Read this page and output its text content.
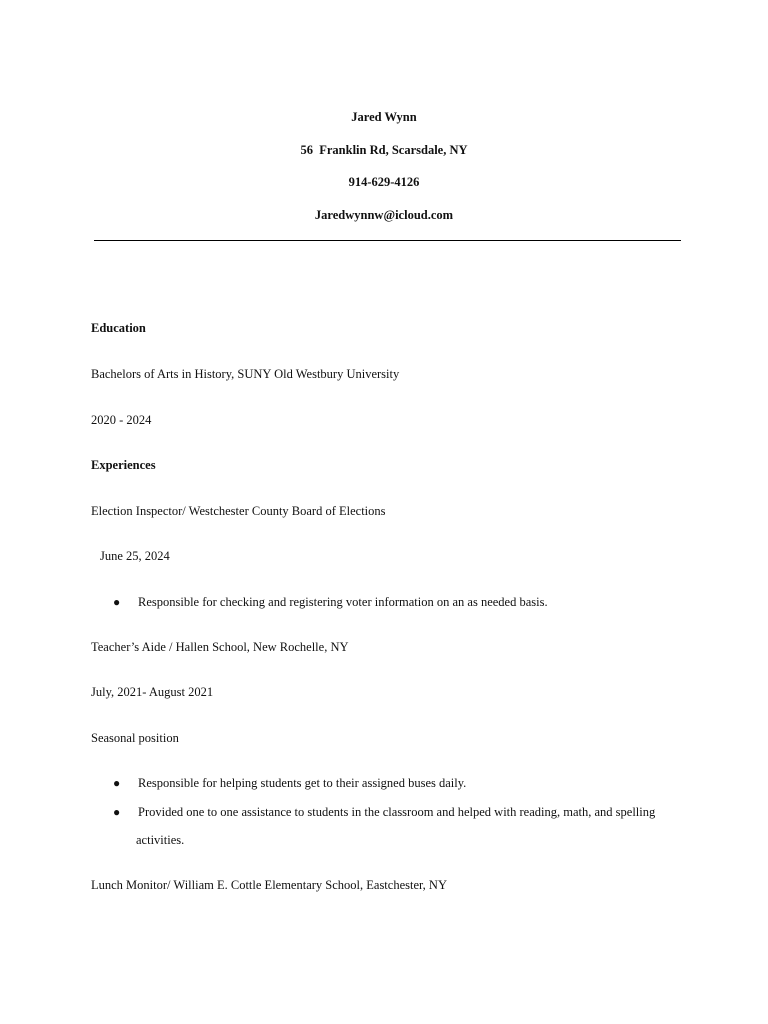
Jared Wynn
56  Franklin Rd, Scarsdale, NY
914-629-4126
Jaredwynnw@icloud.com
Education
Bachelors of Arts in History, SUNY Old Westbury University
2020 - 2024
Experiences
Election Inspector/ Westchester County Board of Elections
June 25, 2024
● Responsible for checking and registering voter information on an as needed basis.
Teacher’s Aide / Hallen School, New Rochelle, NY
July, 2021- August 2021
Seasonal position
● Responsible for helping students get to their assigned buses daily.
● Provided one to one assistance to students in the classroom and helped with reading, math, and spelling
activities.
Lunch Monitor/ William E. Cottle Elementary School, Eastchester, NY
